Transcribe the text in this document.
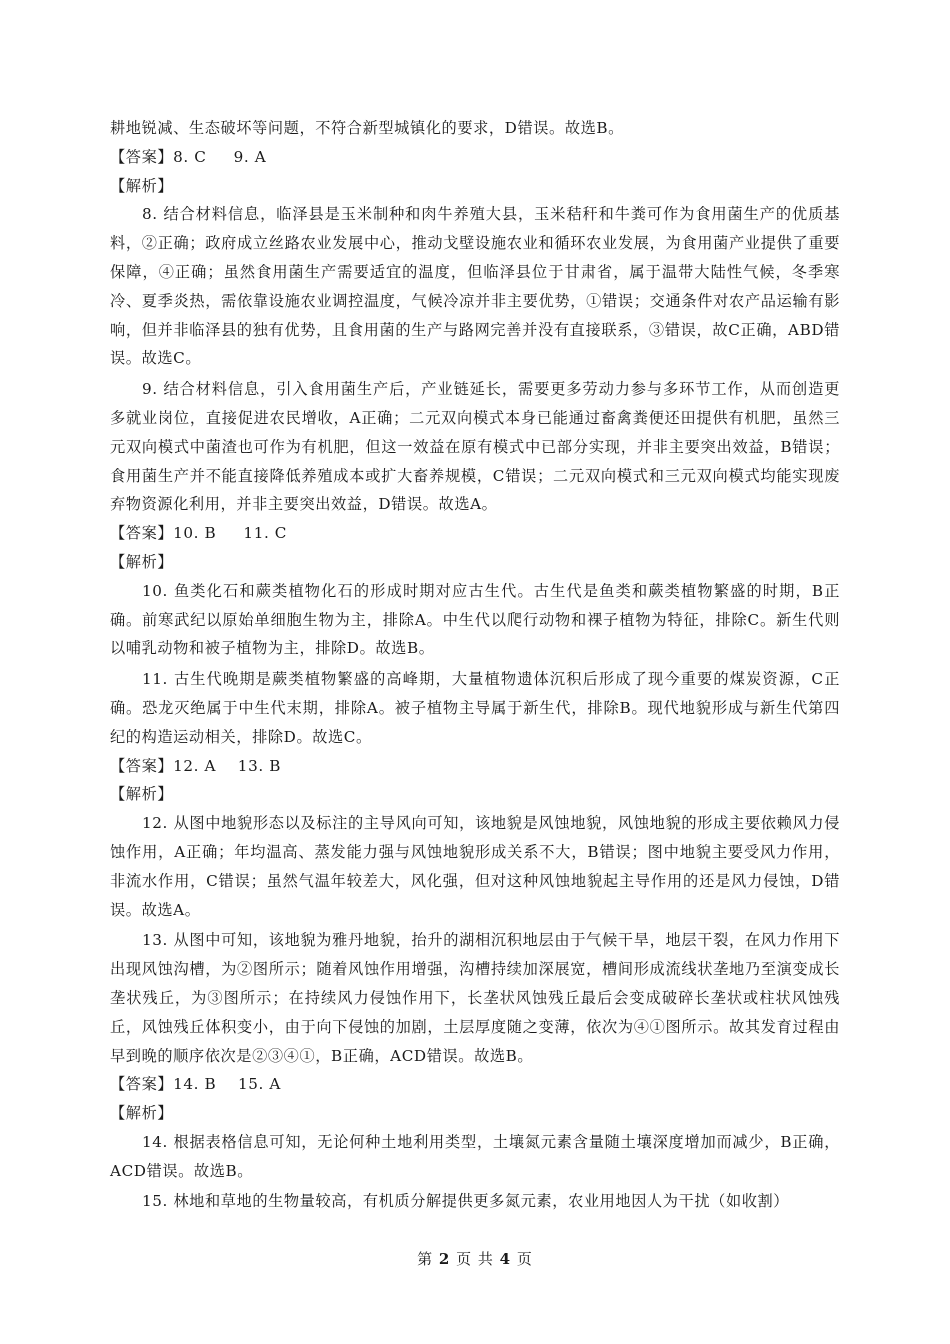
耕地锐减、生态破坏等问题，不符合新型城镇化的要求，D错误。故选B。

【答案】8. C     9. A

【解析】

8. 结合材料信息，临泽县是玉米制种和肉牛养殖大县，玉米秸秆和牛粪可作为食用菌生产的优质基料，②正确；政府成立丝路农业发展中心，推动戈壁设施农业和循环农业发展，为食用菌产业提供了重要保障，④正确；虽然食用菌生产需要适宜的温度，但临泽县位于甘肃省，属于温带大陆性气候，冬季寒冷、夏季炎热，需依靠设施农业调控温度，气候冷凉并非主要优势，①错误；交通条件对农产品运输有影响，但并非临泽县的独有优势，且食用菌的生产与路网完善并没有直接联系，③错误，故C正确，ABD错误。故选C。

9. 结合材料信息，引入食用菌生产后，产业链延长，需要更多劳动力参与多环节工作，从而创造更多就业岗位，直接促进农民增收，A正确；二元双向模式本身已能通过畜禽粪便还田提供有机肥，虽然三元双向模式中菌渣也可作为有机肥，但这一效益在原有模式中已部分实现，并非主要突出效益，B错误；食用菌生产并不能直接降低养殖成本或扩大畜养规模，C错误；二元双向模式和三元双向模式均能实现废弃物资源化利用，并非主要突出效益，D错误。故选A。

【答案】10. B     11. C

【解析】

10. 鱼类化石和蕨类植物化石的形成时期对应古生代。古生代是鱼类和蕨类植物繁盛的时期，B正确。前寒武纪以原始单细胞生物为主，排除A。中生代以爬行动物和裸子植物为特征，排除C。新生代则以哺乳动物和被子植物为主，排除D。故选B。

11. 古生代晚期是蕨类植物繁盛的高峰期，大量植物遗体沉积后形成了现今重要的煤炭资源，C正确。恐龙灭绝属于中生代末期，排除A。被子植物主导属于新生代，排除B。现代地貌形成与新生代第四纪的构造运动相关，排除D。故选C。

【答案】12. A    13. B

【解析】

12. 从图中地貌形态以及标注的主导风向可知，该地貌是风蚀地貌，风蚀地貌的形成主要依赖风力侵蚀作用，A正确；年均温高、蒸发能力强与风蚀地貌形成关系不大，B错误；图中地貌主要受风力作用，非流水作用，C错误；虽然气温年较差大，风化强，但对这种风蚀地貌起主导作用的还是风力侵蚀，D错误。故选A。

13. 从图中可知，该地貌为雅丹地貌，抬升的湖相沉积地层由于气候干旱，地层干裂，在风力作用下出现风蚀沟槽，为②图所示；随着风蚀作用增强，沟槽持续加深展宽，槽间形成流线状垄地乃至演变成长垄状残丘，为③图所示；在持续风力侵蚀作用下，长垄状风蚀残丘最后会变成破碎长垄状或柱状风蚀残丘，风蚀残丘体积变小，由于向下侵蚀的加剧，土层厚度随之变薄，依次为④①图所示。故其发育过程由早到晚的顺序依次是②③④①，B正确，ACD错误。故选B。

【答案】14. B    15. A

【解析】

14. 根据表格信息可知，无论何种土地利用类型，土壤氮元素含量随土壤深度增加而减少，B正确，ACD错误。故选B。

15. 林地和草地的生物量较高，有机质分解提供更多氮元素，农业用地因人为干扰（如收割）

第 2 页 共 4 页
